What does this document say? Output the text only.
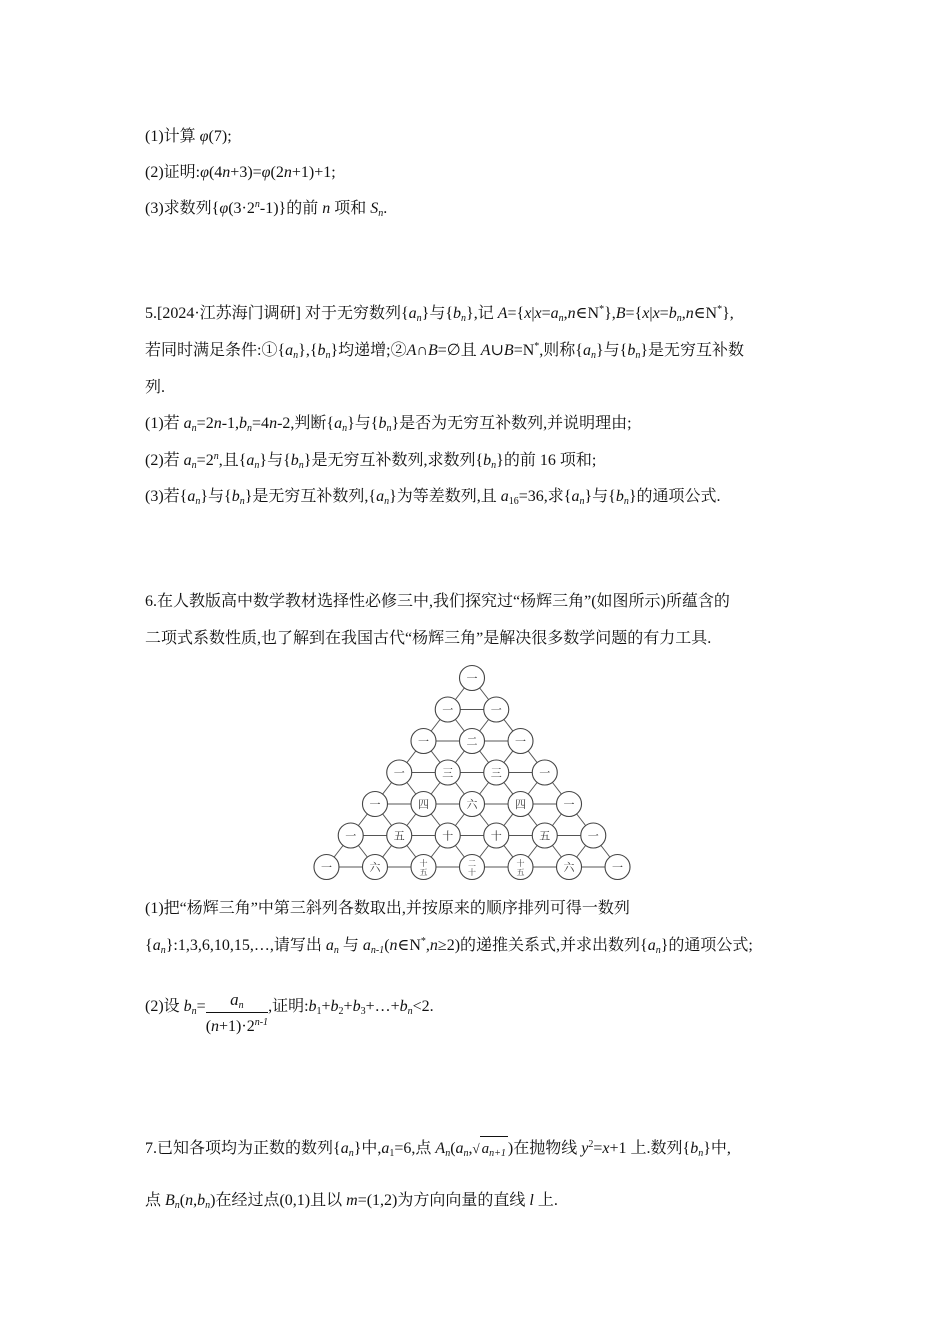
(1)计算 φ(7);
(2)证明:φ(4n+3)=φ(2n+1)+1;
(3)求数列$\{\varphi(3\cdot 2^n-1)\}$的前 n 项和 $S_n$.
5.[2024·江苏海门调研] 对于无穷数列$\{a_n\}$与$\{b_n\}$,记 $A=\{x|x=a_n,n\in N^*\},B=\{x|x=b_n,n\in N^*\}$,
若同时满足条件$:①\{a_n\},\{b_n\}$均递增;②A∩B=∅且 A∪B=N*,则称$\{a_n\}$与$\{b_n\}$是无穷互补数
列.
(1)若 $a_n=2n-1,b_n=4n-2$,判断$\{a_n\}$与$\{b_n\}$是否为无穷互补数列,并说明理由;
(2)若 $a_n=2^n$,且$\{a_n\}$与$\{b_n\}$是无穷互补数列,求数列$\{b_n\}$的前 16 项和;
(3)若$\{a_n\}$与$\{b_n\}$是无穷互补数列$,\{a_n\}$为等差数列,且 $a_{16}=36$,求$\{a_n\}$与$\{b_n\}$的通项公式.
6.在人教版高中数学教材选择性必修三中,我们探究过“杨辉三角”(如图所示)所蕴含的
二项式系数性质,也了解到在我国古代“杨辉三角”是解决很多数学问题的有力工具.
一
一	一
一	二	一
一	三	三	一
一	四	六	四	一
一	五	十	十	五	一
一	六	十
五
二
十
十
五	六	一
(1)把“杨辉三角”中第三斜列各数取出,并按原来的顺序排列可得一数列
$\{a_n\}:1,3,6,10,15,\dots$,请写出 $a_n$ 与 $a_{n-1}(n\in N^*,n\ge 2)$的递推关系式,并求出数列$\{a_n\}$的通项公式;
(2)设 $b_n= \frac{a_n}{(n+1)\cdot 2^{n-1}}$ ,证明$:b_1+b_2+b_3+\dots+b_n<2$.
7.已知各项均为正数的数列$\{a_n\}$中$,a_1=6$,点 $A_n(a_n,√$ $a_{n+1}$ )在抛物线 $y^2=x+1$ 上.数列$\{b_n\}$中,
点 $B_n(n,b_n)$在经过点(0,1)且以 m=(1,2)为方向向量的直线 l 上.
